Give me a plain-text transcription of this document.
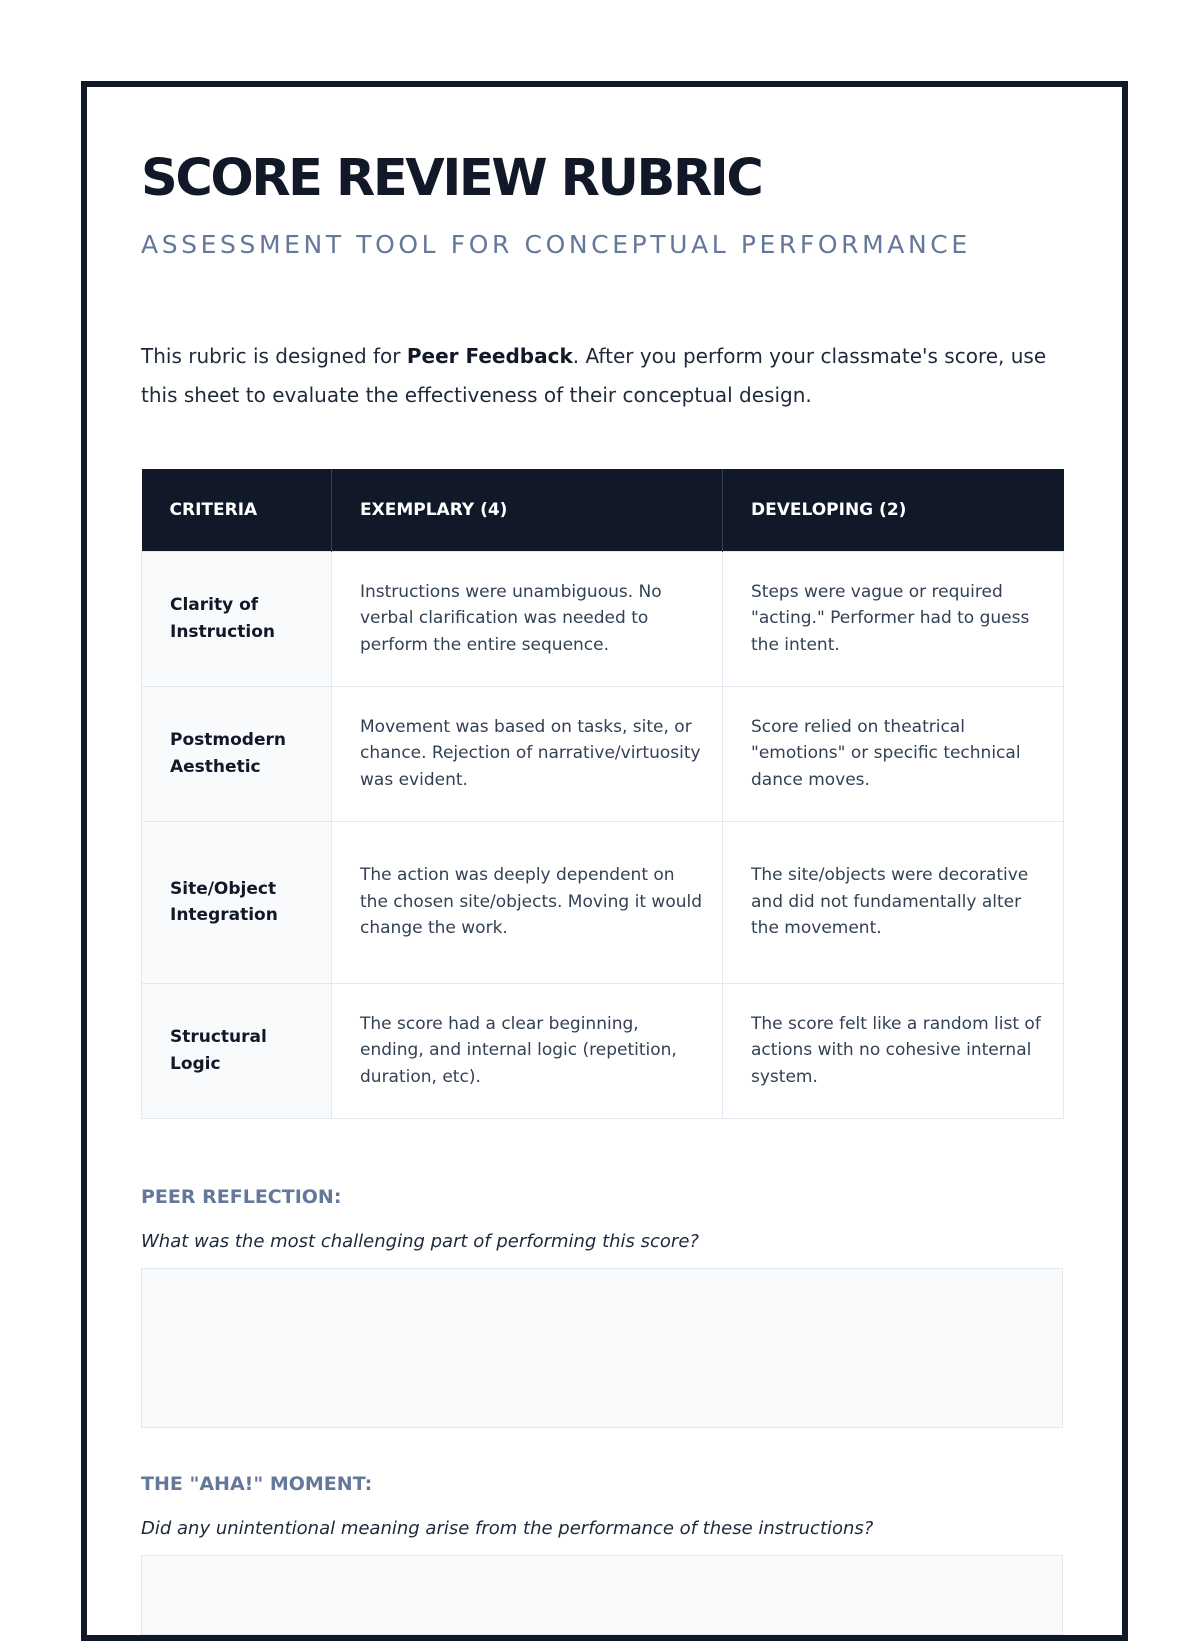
SCORE REVIEW RUBRIC

ASSESSMENT TOOL FOR CONCEPTUAL PERFORMANCE

This rubric is designed for Peer Feedback. After you perform your classmate's score, use this sheet to evaluate the effectiveness of their conceptual design.

CRITERIA	EXEMPLARY (4)	DEVELOPING (2)
Clarity of Instruction	Instructions were unambiguous. No verbal clarification was needed to perform the entire sequence.	Steps were vague or required "acting." Performer had to guess the intent.
Postmodern Aesthetic	Movement was based on tasks, site, or chance. Rejection of narrative/virtuosity was evident.	Score relied on theatrical "emotions" or specific technical dance moves.
Site/Object Integration	The action was deeply dependent on the chosen site/objects. Moving it would change the work.	The site/objects were decorative and did not fundamentally alter the movement.
Structural Logic	The score had a clear beginning, ending, and internal logic (repetition, duration, etc).	The score felt like a random list of actions with no cohesive internal system.
PEER REFLECTION:

What was the most challenging part of performing this score?

THE "AHA!" MOMENT:

Did any unintentional meaning arise from the performance of these instructions?
